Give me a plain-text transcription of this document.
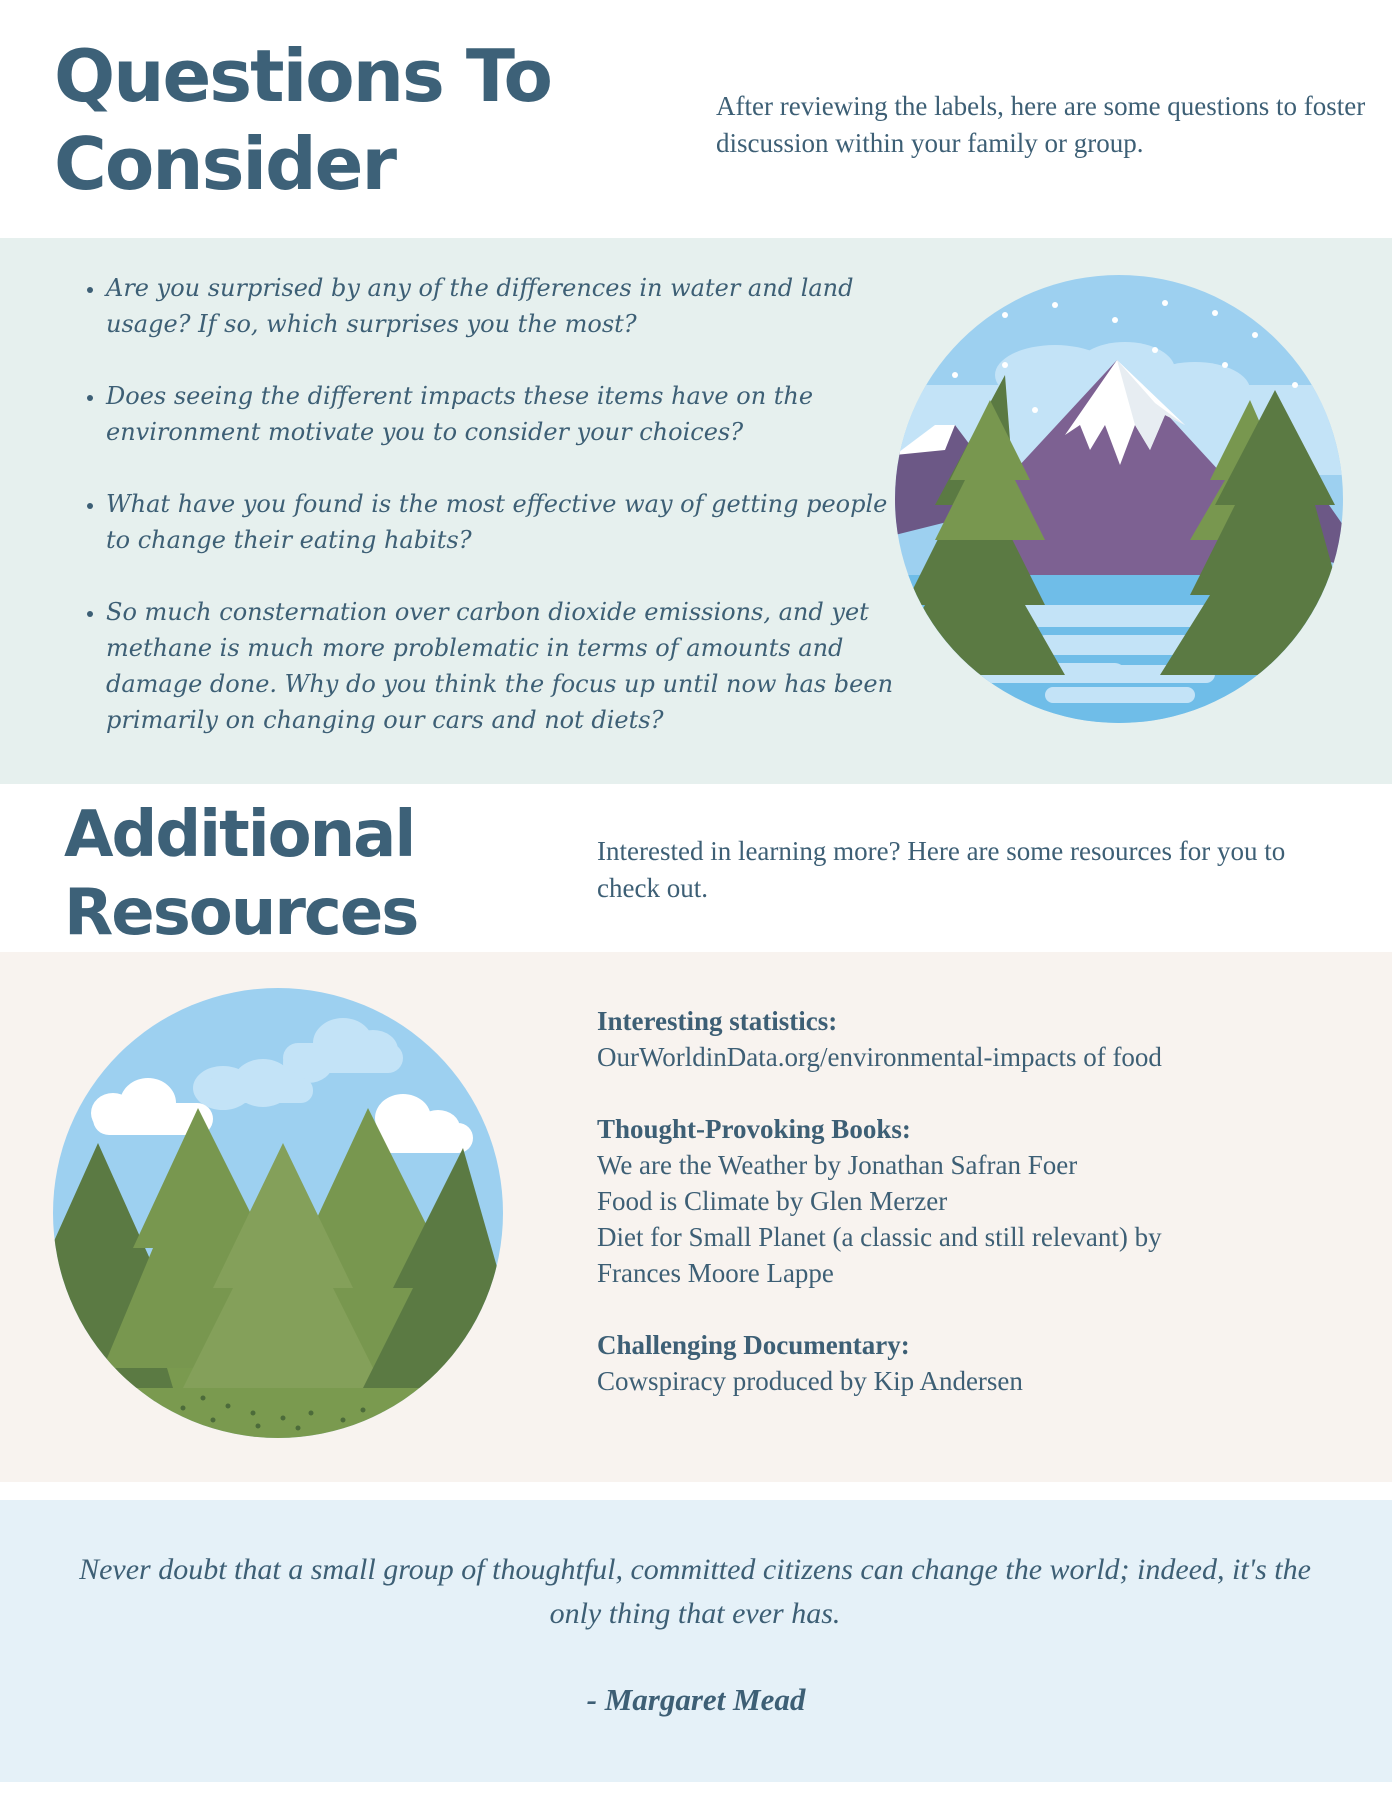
Questions To
Consider

After reviewing the labels, here are some questions to foster discussion within your family or group.

• Are you surprised by any of the differences in water and land usage? If so, which surprises you the most?
• Does seeing the different impacts these items have on the environment motivate you to consider your choices?
• What have you found is the most effective way of getting people to change their eating habits?
• So much consternation over carbon dioxide emissions, and yet methane is much more problematic in terms of amounts and damage done. Why do you think the focus up until now has been primarily on changing our cars and not diets?
Additional
Resources

Interested in learning more? Here are some resources for you to check out.

Interesting statistics:
OurWorldinData.org/environmental-impacts of food
Thought-Provoking Books:
We are the Weather by Jonathan Safran Foer
Food is Climate by Glen Merzer
Diet for Small Planet (a classic and still relevant) by
Frances Moore Lappe
Challenging Documentary:
Cowspiracy produced by Kip Andersen
Never doubt that a small group of thoughtful, committed citizens can change the world; indeed, it's the only thing that ever has.
- Margaret Mead
